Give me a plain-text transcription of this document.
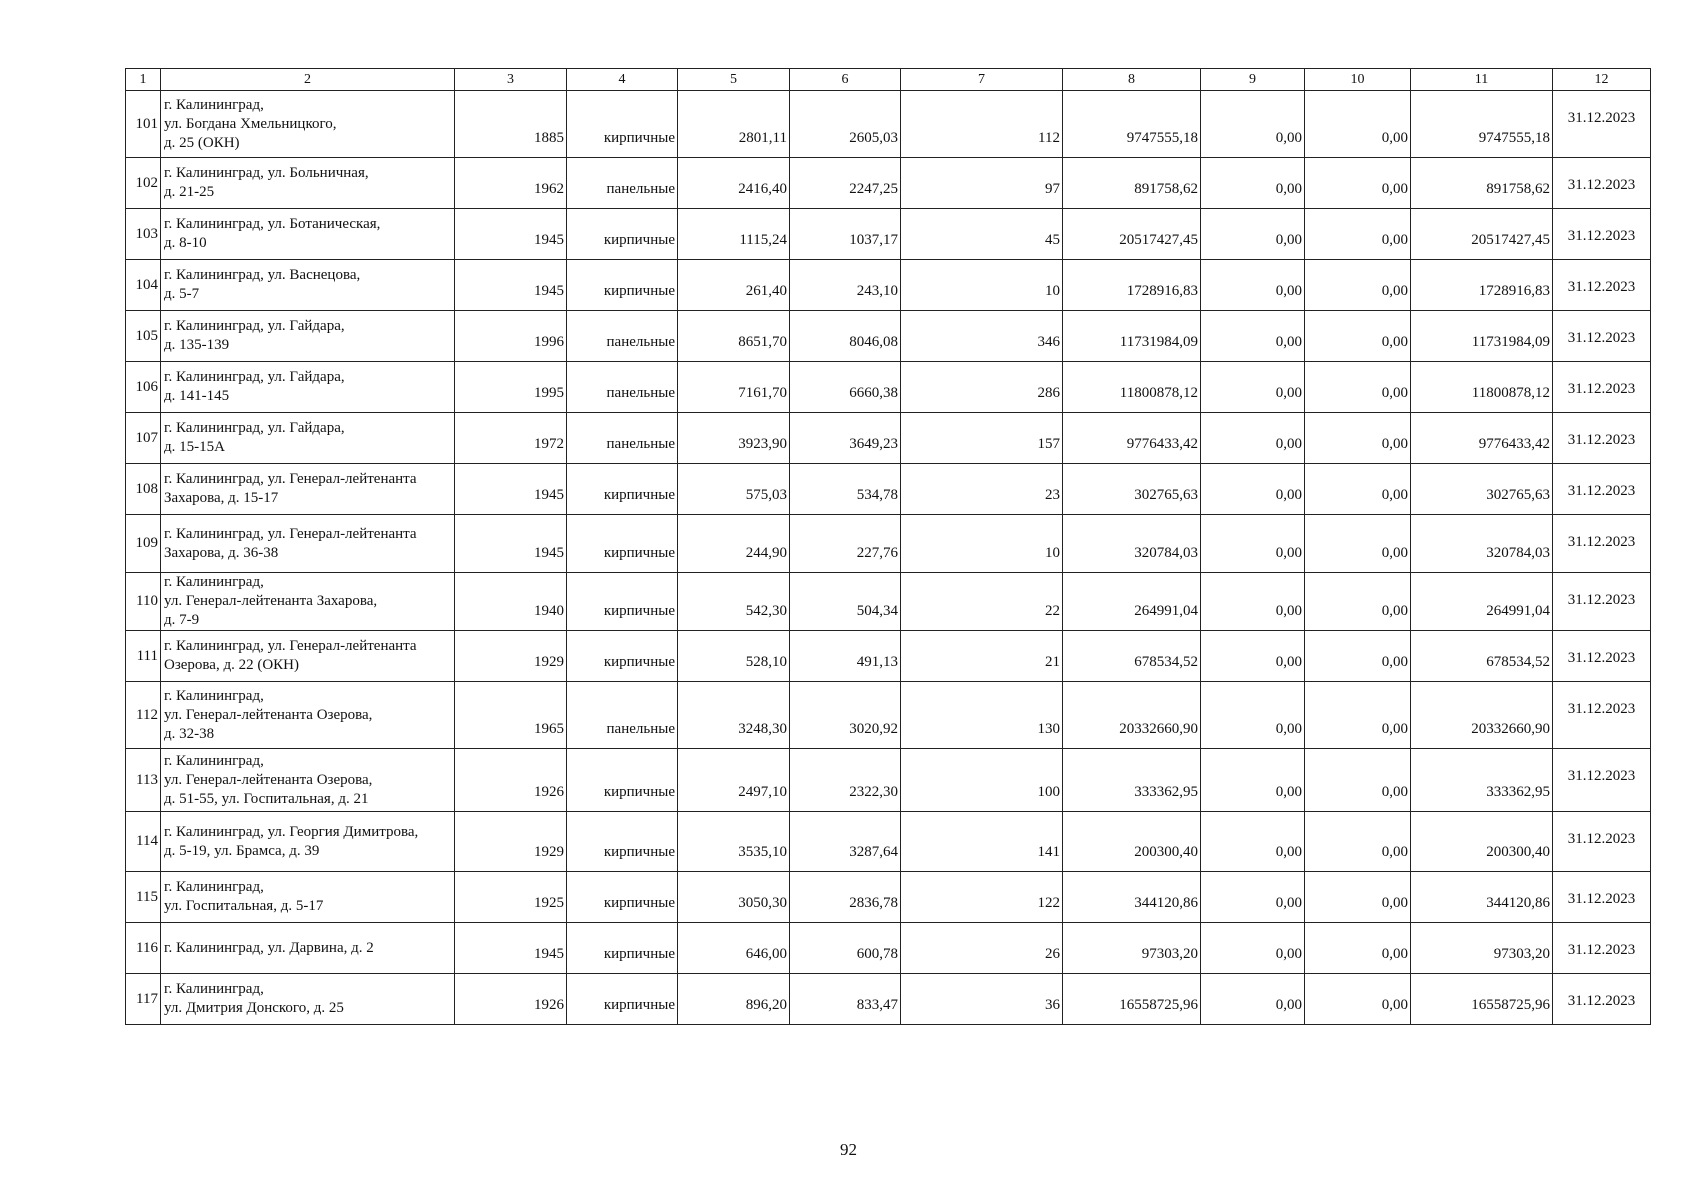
1	2	3	4	5	6	7	8	9	10	11	12
101	г. Калининград,
ул. Богдана Хмельницкого,
д. 25 (ОКН)	1885	кирпичные	2801,11	2605,03	112	9747555,18	0,00	0,00	9747555,18	31.12.2023
102	г. Калининград, ул. Больничная,
д. 21-25	1962	панельные	2416,40	2247,25	97	891758,62	0,00	0,00	891758,62	31.12.2023
103	г. Калининград, ул. Ботаническая,
д. 8-10	1945	кирпичные	1115,24	1037,17	45	20517427,45	0,00	0,00	20517427,45	31.12.2023
104	г. Калининград, ул. Васнецова,
д. 5-7	1945	кирпичные	261,40	243,10	10	1728916,83	0,00	0,00	1728916,83	31.12.2023
105	г. Калининград, ул. Гайдара,
д. 135-139	1996	панельные	8651,70	8046,08	346	11731984,09	0,00	0,00	11731984,09	31.12.2023
106	г. Калининград, ул. Гайдара,
д. 141-145	1995	панельные	7161,70	6660,38	286	11800878,12	0,00	0,00	11800878,12	31.12.2023
107	г. Калининград, ул. Гайдара,
д. 15-15А	1972	панельные	3923,90	3649,23	157	9776433,42	0,00	0,00	9776433,42	31.12.2023
108	г. Калининград, ул. Генерал-лейтенанта
Захарова, д. 15-17	1945	кирпичные	575,03	534,78	23	302765,63	0,00	0,00	302765,63	31.12.2023
109	г. Калининград, ул. Генерал-лейтенанта
Захарова, д. 36-38	1945	кирпичные	244,90	227,76	10	320784,03	0,00	0,00	320784,03	31.12.2023
110	г. Калининград,
ул. Генерал-лейтенанта Захарова,
д. 7-9	1940	кирпичные	542,30	504,34	22	264991,04	0,00	0,00	264991,04	31.12.2023
111	г. Калининград, ул. Генерал-лейтенанта
Озерова, д. 22 (ОКН)	1929	кирпичные	528,10	491,13	21	678534,52	0,00	0,00	678534,52	31.12.2023
112	г. Калининград,
ул. Генерал-лейтенанта Озерова,
д. 32-38	1965	панельные	3248,30	3020,92	130	20332660,90	0,00	0,00	20332660,90	31.12.2023
113	г. Калининград,
ул. Генерал-лейтенанта Озерова,
д. 51-55, ул. Госпитальная, д. 21	1926	кирпичные	2497,10	2322,30	100	333362,95	0,00	0,00	333362,95	31.12.2023
114	г. Калининград, ул. Георгия Димитрова,
д. 5-19, ул. Брамса, д. 39	1929	кирпичные	3535,10	3287,64	141	200300,40	0,00	0,00	200300,40	31.12.2023
115	г. Калининград,
ул. Госпитальная, д. 5-17	1925	кирпичные	3050,30	2836,78	122	344120,86	0,00	0,00	344120,86	31.12.2023
116	г. Калининград, ул. Дарвина, д. 2	1945	кирпичные	646,00	600,78	26	97303,20	0,00	0,00	97303,20	31.12.2023
117	г. Калининград,
ул. Дмитрия Донского, д. 25	1926	кирпичные	896,20	833,47	36	16558725,96	0,00	0,00	16558725,96	31.12.2023
92
